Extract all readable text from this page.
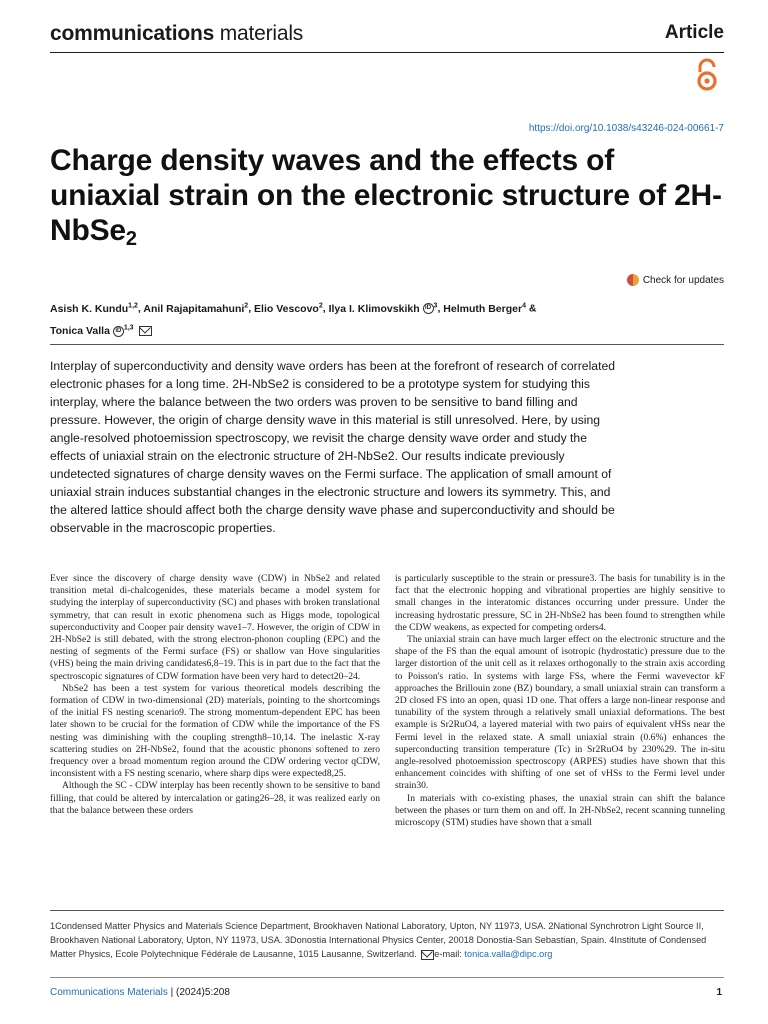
communications materials	Article
https://doi.org/10.1038/s43246-024-00661-7
Charge density waves and the effects of uniaxial strain on the electronic structure of 2H-NbSe$_2$
Check for updates
Asish K. Kundu$^{1,2}$, Anil Rajapitamahuni$^2$, Elio Vescovo$^2$, Ilya I. Klimovskikh iD $^3$, Helmuth Berger$^4$ &
Tonica Valla iD $^{1,3}$
Interplay of superconductivity and density wave orders has been at the forefront of research of correlated electronic phases for a long time. 2H-NbSe2 is considered to be a prototype system for studying this interplay, where the balance between the two orders was proven to be sensitive to band filling and pressure. However, the origin of charge density wave in this material is still unresolved. Here, by using angle-resolved photoemission spectroscopy, we revisit the charge density wave order and study the effects of uniaxial strain on the electronic structure of 2H-NbSe2. Our results indicate previously undetected signatures of charge density waves on the Fermi surface. The application of small amount of uniaxial strain induces substantial changes in the electronic structure and lowers its symmetry. This, and the altered lattice should affect both the charge density wave phase and superconductivity and should be observable in the macroscopic properties.

Ever since the discovery of charge density wave (CDW) in NbSe2 and related transition metal di-chalcogenides, these materials became a model system for studying the interplay of superconductivity (SC) and phases with broken translational symmetry, that can result in exotic phenomena such as Higgs mode, topological superconductivity and Cooper pair density wave1–7. However, the origin of CDW in 2H-NbSe2 is still debated, with the strong electron-phonon coupling (EPC) and the nesting of segments of the Fermi surface (FS) or shallow van Hove singularities (vHS) being the main driving candidates6,8–19. This is in part due to the fact that the spectroscopic signatures of CDW formation have been very hard to detect20–24.

NbSe2 has been a test system for various theoretical models describing the formation of CDW in two-dimensional (2D) materials, pointing to the shortcomings of the initial FS nesting scenario9. The strong momentum-dependent EPC has been later shown to be crucial for the formation of CDW while the importance of the FS nesting was diminishing with the coupling strength8–10,14. The inelastic X-ray scattering studies on 2H-NbSe2, found that the acoustic phonons softened to zero frequency over a broad momentum region around the CDW ordering vector qCDW, inconsistent with a FS nesting scenario, where sharp dips were expected8,25.

Although the SC - CDW interplay has been recently shown to be sensitive to band filling, that could be altered by intercalation or gating26–28, it was realized early on that the balance between these orders

is particularly susceptible to the strain or pressure3. The basis for tunability is in the fact that the electronic hopping and vibrational properties are highly sensitive to small changes in the interatomic distances occurring under pressure. Under the increasing hydrostatic pressure, SC in 2H-NbSe2 has been found to strengthen while the CDW weakens, as expected for competing orders4.

The uniaxial strain can have much larger effect on the electronic structure and the shape of the FS than the equal amount of isotropic (hydrostatic) pressure due to the larger distortion of the unit cell as it relaxes orthogonally to the strain axis according to Poisson's ratio. In systems with large FSs, where the Fermi wavevector kF approaches the Brillouin zone (BZ) boundary, a small uniaxial strain can transform a 2D closed FS into an open, quasi 1D one. That offers a large non-linear response and tunability of the system through a relatively small uniaxial deformations. The best example is Sr2RuO4, a layered material with two pairs of equivalent vHSs near the Fermi level in the relaxed state. A small uniaxial strain (0.6%) enhances the superconducting transition temperature (Tc) in Sr2RuO4 by 230%29. The in-situ angle-resolved photoemission spectroscopy (ARPES) studies have shown that this enhancement coincides with shifting of one set of vHSs to the Fermi level under strain30.

In materials with co-existing phases, the unaxial strain can shift the balance between the phases or turn them on and off. In 2H-NbSe2, recent scanning tunneling microscopy (STM) studies have shown that a small

1Condensed Matter Physics and Materials Science Department, Brookhaven National Laboratory, Upton, NY 11973, USA. 2National Synchrotron Light Source II, Brookhaven National Laboratory, Upton, NY 11973, USA. 3Donostia International Physics Center, 20018 Donostia-San Sebastian, Spain. 4Institute of Condensed Matter Physics, Ecole Polytechnique Fédérale de Lausanne, 1015 Lausanne, Switzerland. e-mail: tonica.valla@dipc.org
Communications Materials | (2024)5:208	1
